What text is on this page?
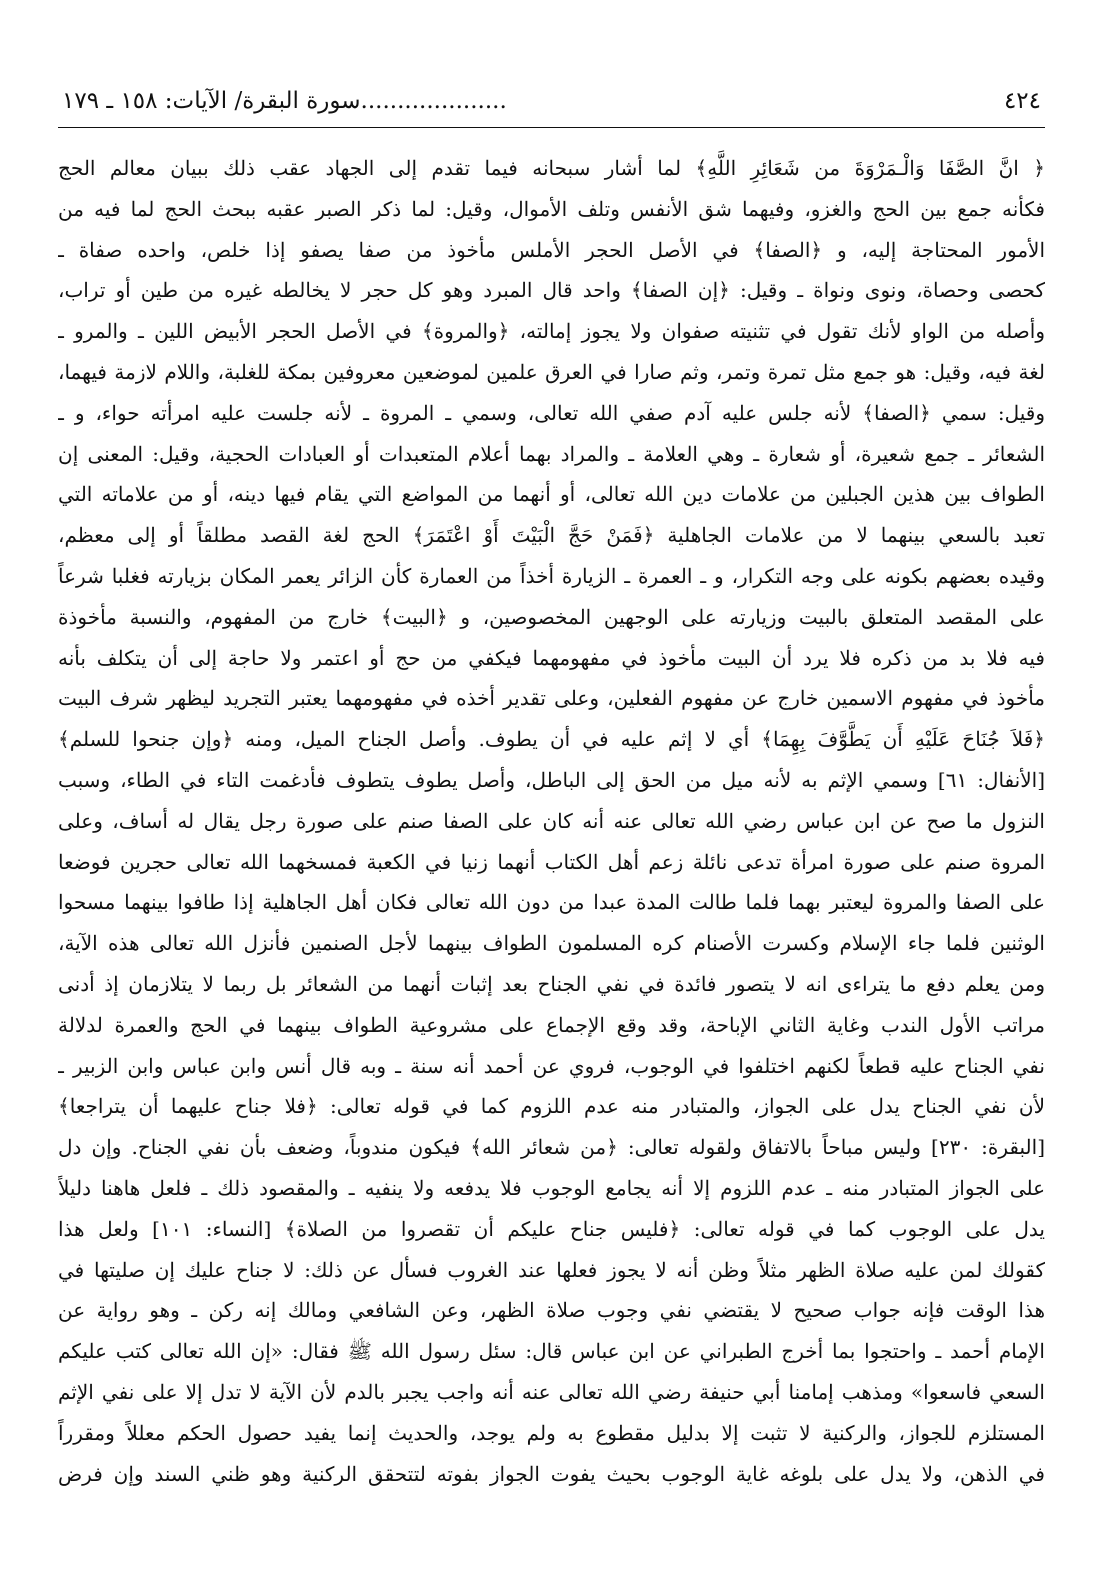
٤٢٤
....................سورة البقرة/ الآيات: ١٥٨ ـ ١٧٩
﴿ انَّ الصَّفَا وَالْـمَرْوَةَ من شَعَائِرِ اللَّهِ﴾ لما أشار سبحانه فيما تقدم إلى الجهاد عقب ذلك ببيان معالم الحج
فكأنه جمع بين الحج والغزو، وفيهما شق الأنفس وتلف الأموال، وقيل: لما ذكر الصبر عقبه ببحث الحج لما فيه من
الأمور المحتاجة إليه، و ﴿الصفا﴾ في الأصل الحجر الأملس مأخوذ من صفا يصفو إذا خلص، واحده صفاة ـ
كحصى وحصاة، ونوى ونواة ـ وقيل: ﴿إن الصفا﴾ واحد قال المبرد وهو كل حجر لا يخالطه غيره من طين أو تراب،
وأصله من الواو لأنك تقول في تثنيته صفوان ولا يجوز إمالته، ﴿والمروة﴾ في الأصل الحجر الأبيض اللين ـ والمرو ـ
لغة فيه، وقيل: هو جمع مثل تمرة وتمر، وثم صارا في العرق علمين لموضعين معروفين بمكة للغلبة، واللام لازمة فيهما،
وقيل: سمي ﴿الصفا﴾ لأنه جلس عليه آدم صفي الله تعالى، وسمي ـ المروة ـ لأنه جلست عليه امرأته حواء، و ـ
الشعائر ـ جمع شعيرة، أو شعارة ـ وهي العلامة ـ والمراد بهما أعلام المتعبدات أو العبادات الحجية، وقيل: المعنى إن
الطواف بين هذين الجبلين من علامات دين الله تعالى، أو أنهما من المواضع التي يقام فيها دينه، أو من علاماته التي
تعبد بالسعي بينهما لا من علامات الجاهلية ﴿فَمَنْ حَجَّ الْبَيْتَ أَوْ اعْتَمَرَ﴾ الحج لغة القصد مطلقاً أو إلى معظم،
وقيده بعضهم بكونه على وجه التكرار، و ـ العمرة ـ الزيارة أخذاً من العمارة كأن الزائر يعمر المكان بزيارته فغلبا شرعاً
على المقصد المتعلق بالبيت وزيارته على الوجهين المخصوصين، و ﴿البيت﴾ خارج من المفهوم، والنسبة مأخوذة
فيه فلا بد من ذكره فلا يرد أن البيت مأخوذ في مفهومهما فيكفي من حج أو اعتمر ولا حاجة إلى أن يتكلف بأنه
مأخوذ في مفهوم الاسمين خارج عن مفهوم الفعلين، وعلى تقدير أخذه في مفهومهما يعتبر التجريد ليظهر شرف البيت
﴿فَلاَ جُنَاحَ عَلَيْهِ أَن يَطَّوَّفَ بِهِمَا﴾ أي لا إثم عليه في أن يطوف. وأصل الجناح الميل، ومنه ﴿وإن جنحوا للسلم﴾
[الأنفال: ٦١] وسمي الإثم به لأنه ميل من الحق إلى الباطل، وأصل يطوف يتطوف فأدغمت التاء في الطاء، وسبب
النزول ما صح عن ابن عباس رضي الله تعالى عنه أنه كان على الصفا صنم على صورة رجل يقال له أساف، وعلى
المروة صنم على صورة امرأة تدعى نائلة زعم أهل الكتاب أنهما زنيا في الكعبة فمسخهما الله تعالى حجرين فوضعا
على الصفا والمروة ليعتبر بهما فلما طالت المدة عبدا من دون الله تعالى فكان أهل الجاهلية إذا طافوا بينهما مسحوا
الوثنين فلما جاء الإسلام وكسرت الأصنام كره المسلمون الطواف بينهما لأجل الصنمين فأنزل الله تعالى هذه الآية،
ومن يعلم دفع ما يتراءى انه لا يتصور فائدة في نفي الجناح بعد إثبات أنهما من الشعائر بل ربما لا يتلازمان إذ أدنى
مراتب الأول الندب وغاية الثاني الإباحة، وقد وقع الإجماع على مشروعية الطواف بينهما في الحج والعمرة لدلالة
نفي الجناح عليه قطعاً لكنهم اختلفوا في الوجوب، فروي عن أحمد أنه سنة ـ وبه قال أنس وابن عباس وابن الزبير ـ
لأن نفي الجناح يدل على الجواز، والمتبادر منه عدم اللزوم كما في قوله تعالى: ﴿فلا جناح عليهما أن يتراجعا﴾
[البقرة: ٢٣٠] وليس مباحاً بالاتفاق ولقوله تعالى: ﴿من شعائر الله﴾ فيكون مندوباً، وضعف بأن نفي الجناح. وإن دل
على الجواز المتبادر منه ـ عدم اللزوم إلا أنه يجامع الوجوب فلا يدفعه ولا ينفيه ـ والمقصود ذلك ـ فلعل هاهنا دليلاً
يدل على الوجوب كما في قوله تعالى: ﴿فليس جناح عليكم أن تقصروا من الصلاة﴾ [النساء: ١٠١] ولعل هذا
كقولك لمن عليه صلاة الظهر مثلاً وظن أنه لا يجوز فعلها عند الغروب فسأل عن ذلك: لا جناح عليك إن صليتها في
هذا الوقت فإنه جواب صحيح لا يقتضي نفي وجوب صلاة الظهر، وعن الشافعي ومالك إنه ركن ـ وهو رواية عن
الإمام أحمد ـ واحتجوا بما أخرج الطبراني عن ابن عباس قال: سئل رسول الله ﷺ فقال: «إن الله تعالى كتب عليكم
السعي فاسعوا» ومذهب إمامنا أبي حنيفة رضي الله تعالى عنه أنه واجب يجبر بالدم لأن الآية لا تدل إلا على نفي الإثم
المستلزم للجواز، والركنية لا تثبت إلا بدليل مقطوع به ولم يوجد، والحديث إنما يفيد حصول الحكم معللاً ومقرراً
في الذهن، ولا يدل على بلوغه غاية الوجوب بحيث يفوت الجواز بفوته لتتحقق الركنية وهو ظني السند وإن فرض
